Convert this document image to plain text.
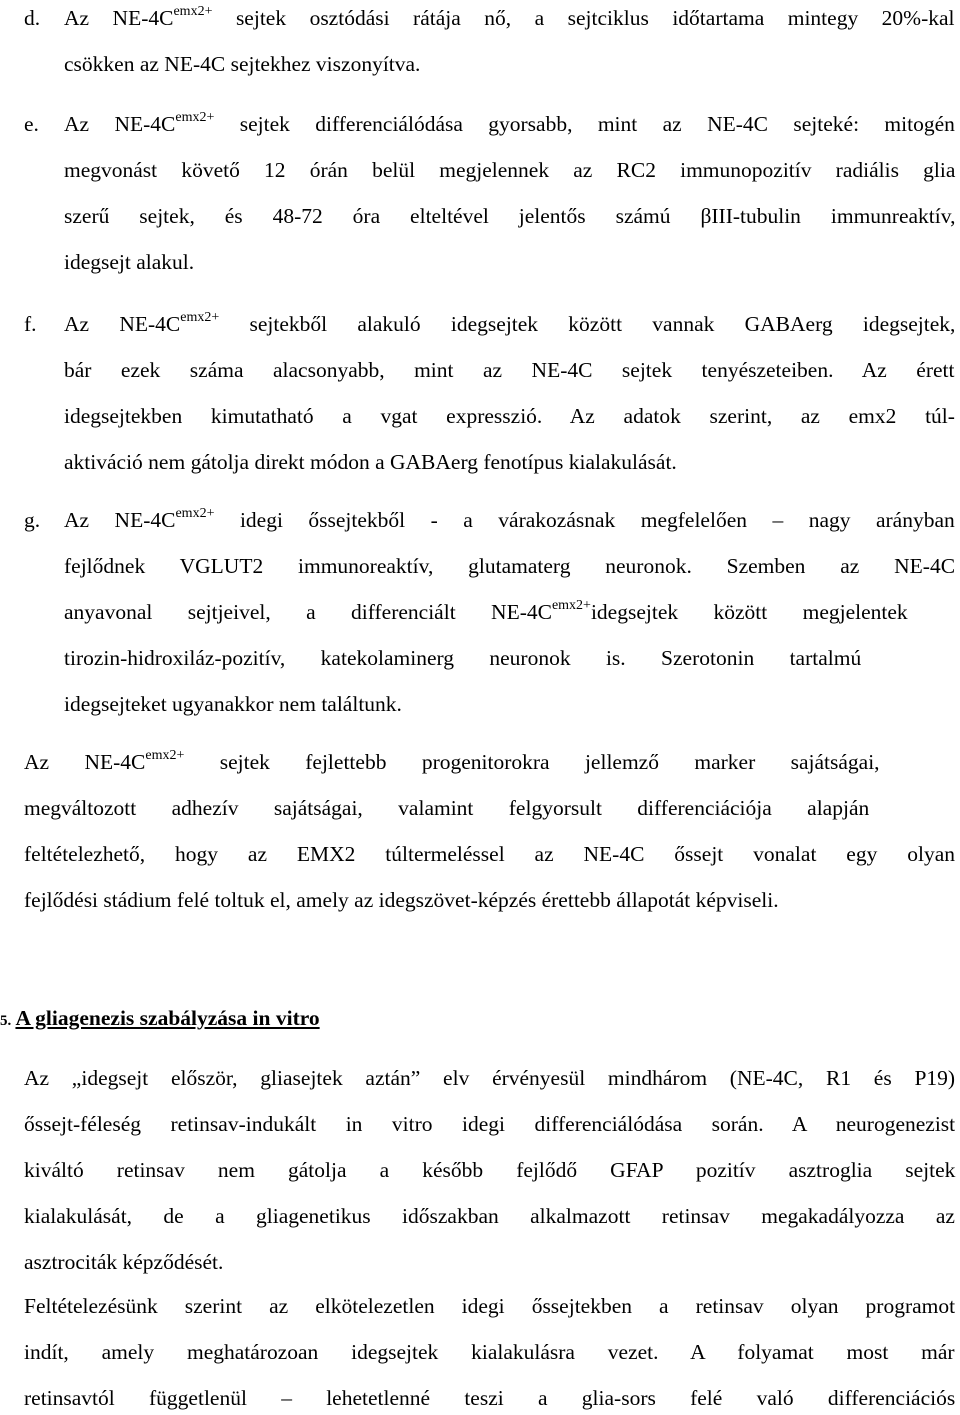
d. Az $NE-4C^{emx2+}$ sejtek osztódási rátája nő, a sejtciklus időtartama mintegy 20%-kal
csökken az NE-4C sejtekhez viszonyítva.
e. Az $NE-4C^{emx2+}$ sejtek differenciálódása gyorsabb, mint az NE-4C sejteké: mitogén
megvonást követő 12 órán belül megjelennek az RC2 immunopozitív radiális glia
szerű sejtek, és 48-72 óra elteltével jelentős számú βIII-tubulin immunreaktív,
idegsejt alakul.
f. Az $NE-4C^{emx2+}$ sejtekből alakuló idegsejtek között vannak GABAerg idegsejtek,
bár ezek száma alacsonyabb, mint az NE-4C sejtek tenyészeteiben. Az érett
idegsejtekben kimutatható a vgat expresszió. Az adatok szerint, az emx2 túl-
aktiváció nem gátolja direkt módon a GABAerg fenotípus kialakulását.
g. Az $NE-4C^{emx2+}$ idegi őssejtekből - a várakozásnak megfelelően – nagy arányban
fejlődnek VGLUT2 immunoreaktív, glutamaterg neuronok. Szemben az NE-4C
anyavonal sejtjeivel, a differenciált $NE-4C^{emx2+}idegsejtek$ között megjelentek
tirozin-hidroxiláz-pozitív, katekolaminerg neuronok is. Szerotonin tartalmú
idegsejteket ugyanakkor nem találtunk.
Az $NE-4C^{emx2+}$ sejtek fejlettebb progenitorokra jellemző marker sajátságai,
megváltozott adhezív sajátságai, valamint felgyorsult differenciációja alapján
feltételezhető, hogy az EMX2 túltermeléssel az NE-4C őssejt vonalat egy olyan
fejlődési stádium felé toltuk el, amely az idegszövet-képzés érettebb állapotát képviseli.
5. A gliagenezis szabályzása in vitro
Az „idegsejt először, gliasejtek aztán” elv érvényesül mindhárom (NE-4C, R1 és P19)
őssejt-féleség retinsav-indukált in vitro idegi differenciálódása során. A neurogenezist
kiváltó retinsav nem gátolja a később fejlődő GFAP pozitív asztroglia sejtek
kialakulását, de a gliagenetikus időszakban alkalmazott retinsav megakadályozza az
asztrociták képződését.
Feltételezésünk szerint az elkötelezetlen idegi őssejtekben a retinsav olyan programot
indít, amely meghatározoan idegsejtek kialakulásra vezet. A folyamat most már
retinsavtól függetlenül – lehetetlenné teszi a glia-sors felé való differenciációs
